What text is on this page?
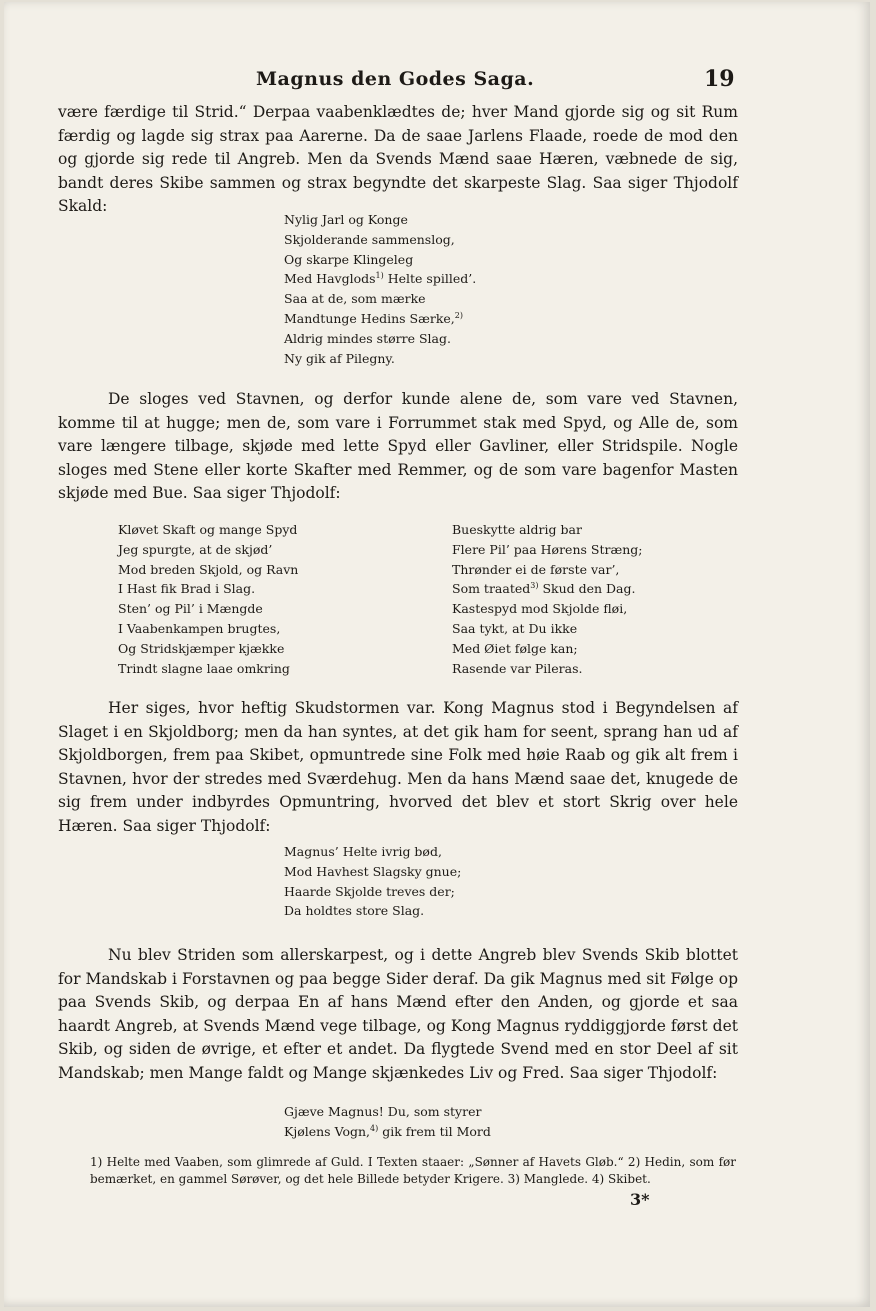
Magnus den Godes Saga.	19

være færdige til Strid.“ Derpaa vaabenklædtes de; hver Mand gjorde sig og sit Rum færdig og lagde sig strax paa Aarerne. Da de saae Jarlens Flaade, roede de mod den og gjorde sig rede til Angreb. Men da Svends Mænd saae Hæren, væbnede de sig, bandt deres Skibe sammen og strax begyndte det skarpeste Slag. Saa siger Thjodolf Skald:

Nylig Jarl og Konge
Skjolderande sammenslog,
Og skarpe Klingeleg
Med Havglods$^{1)}$ Helte spilled’.
Saa at de, som mærke
Mandtunge Hedins Særke,$^{2)}$
Aldrig mindes større Slag.
Ny gik af Pilegny.

De sloges ved Stavnen, og derfor kunde alene de, som vare ved Stavnen, komme til at hugge; men de, som vare i Forrummet stak med Spyd, og Alle de, som vare længere tilbage, skjøde med lette Spyd eller Gavliner, eller Stridspile. Nogle sloges med Stene eller korte Skafter med Remmer, og de som vare bagenfor Masten skjøde med Bue. Saa siger Thjodolf:

Kløvet Skaft og mange Spyd
Jeg spurgte, at de skjød’
Mod breden Skjold, og Ravn
I Hast fik Brad i Slag.
Sten’ og Pil’ i Mængde
I Vaabenkampen brugtes,
Og Stridskjæmper kjække
Trindt slagne laae omkring
Bueskytte aldrig bar
Flere Pil’ paa Hørens Stræng;
Thrønder ei de første var’,
Som traated$^{3)}$ Skud den Dag.
Kastespyd mod Skjolde fløi,
Saa tykt, at Du ikke
Med Øiet følge kan;
Rasende var Pileras.

Her siges, hvor heftig Skudstormen var. Kong Magnus stod i Begyndelsen af Slaget i en Skjoldborg; men da han syntes, at det gik ham for seent, sprang han ud af Skjoldborgen, frem paa Skibet, opmuntrede sine Folk med høie Raab og gik alt frem i Stavnen, hvor der stredes med Sværdehug. Men da hans Mænd saae det, knugede de sig frem under indbyrdes Opmuntring, hvorved det blev et stort Skrig over hele Hæren. Saa siger Thjodolf:

Magnus’ Helte ivrig bød,
Mod Havhest Slagsky gnue;
Haarde Skjolde treves der;
Da holdtes store Slag.

Nu blev Striden som allerskarpest, og i dette Angreb blev Svends Skib blottet for Mandskab i Forstavnen og paa begge Sider deraf. Da gik Magnus med sit Følge op paa Svends Skib, og derpaa En af hans Mænd efter den Anden, og gjorde et saa haardt Angreb, at Svends Mænd vege tilbage, og Kong Magnus ryddiggjorde først det Skib, og siden de øvrige, et efter et andet. Da flygtede Svend med en stor Deel af sit Mandskab; men Mange faldt og Mange skjænkedes Liv og Fred. Saa siger Thjodolf:

Gjæve Magnus! Du, som styrer
Kjølens Vogn,$^{4)}$ gik frem til Mord
1) Helte med Vaaben, som glimrede af Guld. I Texten staaer: „Sønner af Havets Gløb.“ 2) Hedin, som før bemærket, en gammel Sørøver, og det hele Billede betyder Krigere. 3) Manglede. 4) Skibet.
3*
